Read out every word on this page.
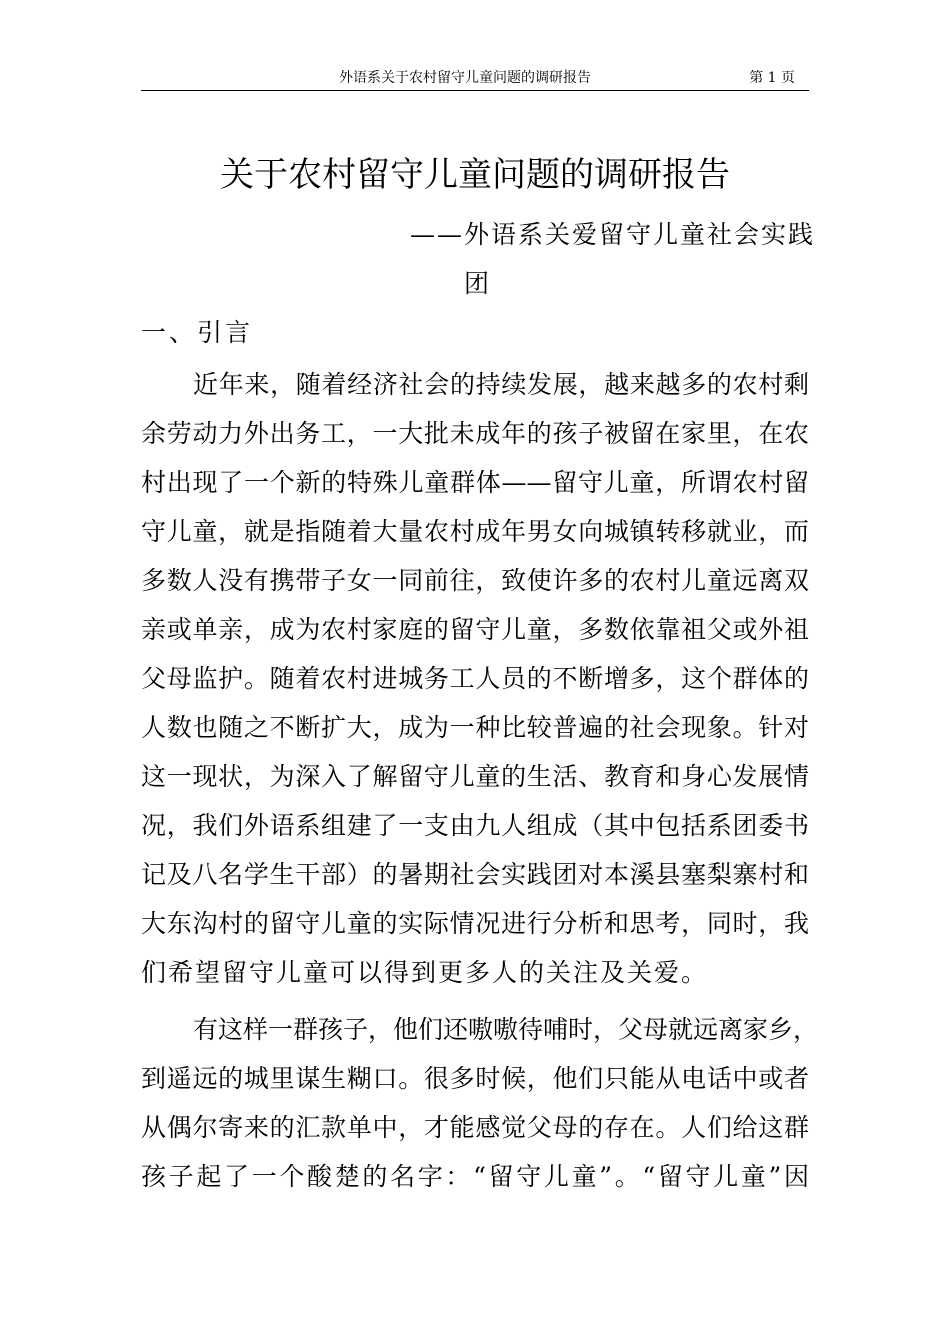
外语系关于农村留守儿童问题的调研报告	第 1 页
关于农村留守儿童问题的调研报告
——外语系关爱留守儿童社会实践
团
一、引言
近年来，随着经济社会的持续发展，越来越多的农村剩
余劳动力外出务工，一大批未成年的孩子被留在家里，在农
村出现了一个新的特殊儿童群体——留守儿童，所谓农村留
守儿童，就是指随着大量农村成年男女向城镇转移就业，而
多数人没有携带子女一同前往，致使许多的农村儿童远离双
亲或单亲，成为农村家庭的留守儿童，多数依靠祖父或外祖
父母监护。随着农村进城务工人员的不断增多，这个群体的
人数也随之不断扩大，成为一种比较普遍的社会现象。针对
这一现状，为深入了解留守儿童的生活、教育和身心发展情
况，我们外语系组建了一支由九人组成（其中包括系团委书
记及八名学生干部）的暑期社会实践团对本溪县塞梨寨村和
大东沟村的留守儿童的实际情况进行分析和思考，同时，我
们希望留守儿童可以得到更多人的关注及关爱。
有这样一群孩子，他们还嗷嗷待哺时，父母就远离家乡，
到遥远的城里谋生糊口。很多时候，他们只能从电话中或者
从偶尔寄来的汇款单中，才能感觉父母的存在。人们给这群
孩子起了一个酸楚的名字：“留守儿童”。“留守儿童”因
